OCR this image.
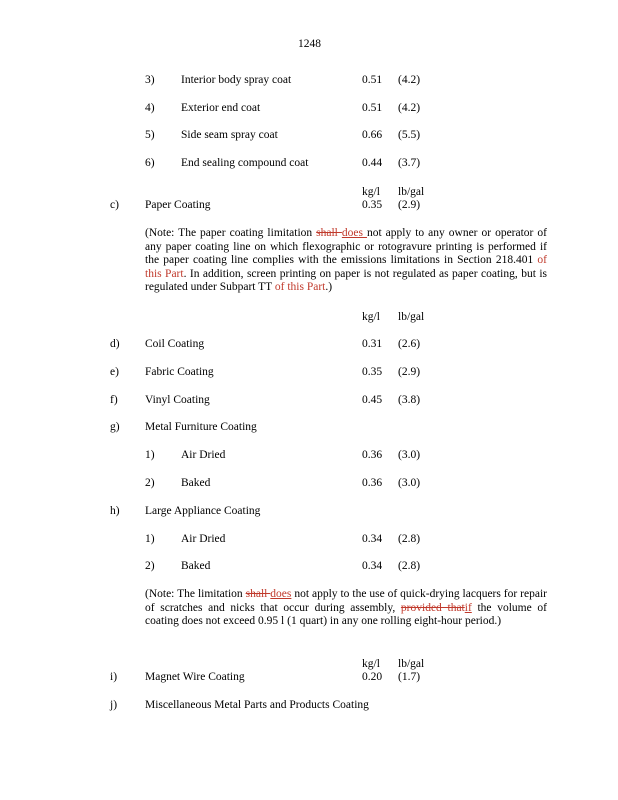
1248
3) Interior body spray coat	0.51 (4.2)
4) Exterior end coat	0.51 (4.2)
5) Side seam spray coat	0.66 (5.5)
6) End sealing compound coat	0.44 (3.7)
kg/l lb/gal
c) Paper Coating	0.35 (2.9)
(Note: The paper coating limitation shall does not apply to any owner or operator of any paper coating line on which flexographic or rotogravure printing is performed if the paper coating line complies with the emissions limitations in Section 218.401 of this Part. In addition, screen printing on paper is not regulated as paper coating, but is regulated under Subpart TT of this Part.)
kg/l lb/gal
d) Coil Coating	0.31 (2.6)
e) Fabric Coating	0.35 (2.9)
f) Vinyl Coating	0.45 (3.8)
g) Metal Furniture Coating
1) Air Dried	0.36 (3.0)
2) Baked	0.36 (3.0)
h) Large Appliance Coating
1) Air Dried	0.34 (2.8)
2) Baked	0.34 (2.8)
(Note: The limitation shall does not apply to the use of quick-drying lacquers for repair of scratches and nicks that occur during assembly, provided thatif the volume of coating does not exceed 0.95 l (1 quart) in any one rolling eight-hour period.)
kg/l lb/gal
i) Magnet Wire Coating	0.20 (1.7)
j) Miscellaneous Metal Parts and Products Coating
